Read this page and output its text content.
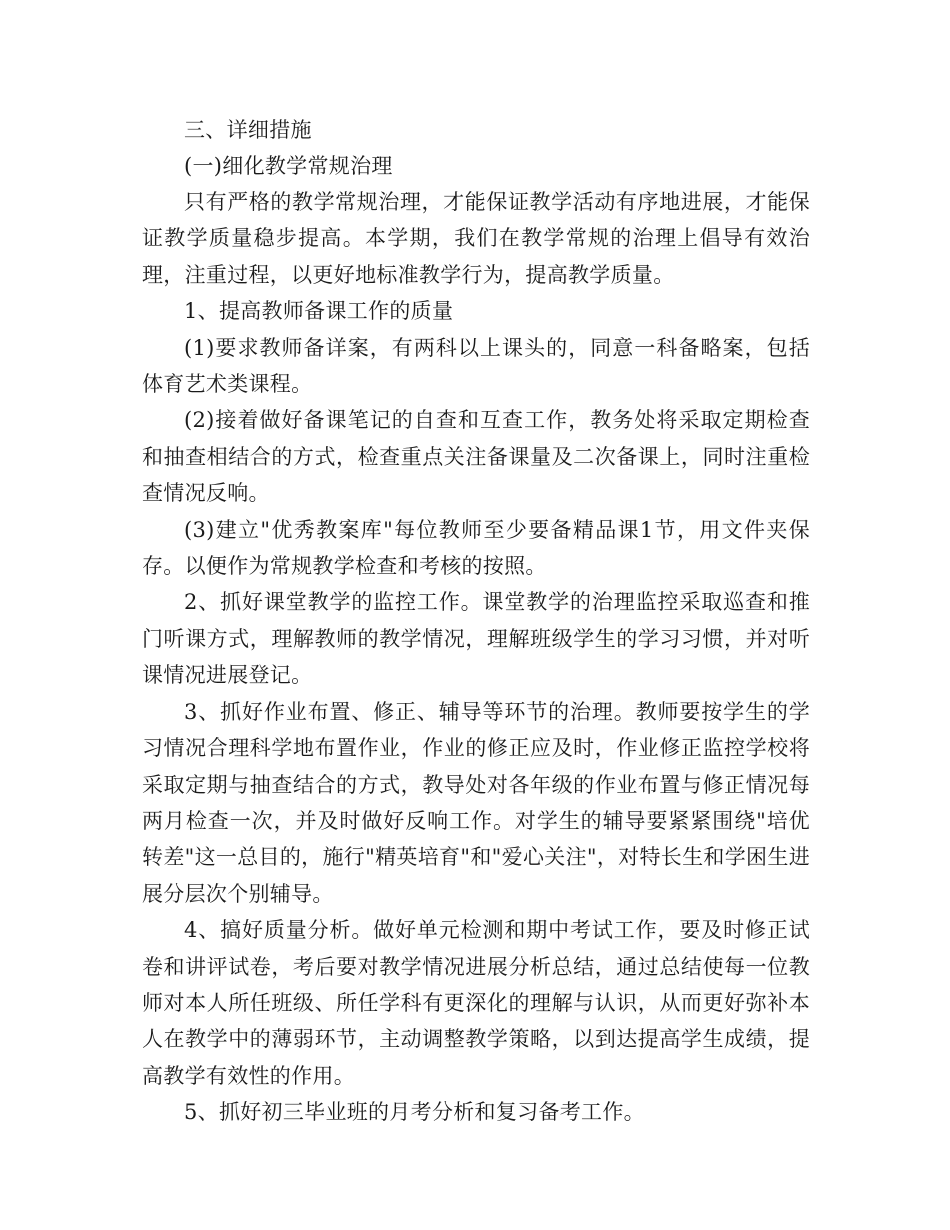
三、详细措施

(一)细化教学常规治理

只有严格的教学常规治理，才能保证教学活动有序地进展，才能保证教学质量稳步提高。本学期，我们在教学常规的治理上倡导有效治理，注重过程，以更好地标准教学行为，提高教学质量。

1、提高教师备课工作的质量

(1)要求教师备详案，有两科以上课头的，同意一科备略案，包括体育艺术类课程。

(2)接着做好备课笔记的自查和互查工作，教务处将采取定期检查和抽查相结合的方式，检查重点关注备课量及二次备课上，同时注重检查情况反响。

(3)建立"优秀教案库"每位教师至少要备精品课1节，用文件夹保存。以便作为常规教学检查和考核的按照。

2、抓好课堂教学的监控工作。课堂教学的治理监控采取巡查和推门听课方式，理解教师的教学情况，理解班级学生的学习习惯，并对听课情况进展登记。

3、抓好作业布置、修正、辅导等环节的治理。教师要按学生的学习情况合理科学地布置作业，作业的修正应及时，作业修正监控学校将采取定期与抽查结合的方式，教导处对各年级的作业布置与修正情况每两月检查一次，并及时做好反响工作。对学生的辅导要紧紧围绕"培优转差"这一总目的，施行"精英培育"和"爱心关注"，对特长生和学困生进展分层次个别辅导。

4、搞好质量分析。做好单元检测和期中考试工作，要及时修正试卷和讲评试卷，考后要对教学情况进展分析总结，通过总结使每一位教师对本人所任班级、所任学科有更深化的理解与认识，从而更好弥补本人在教学中的薄弱环节，主动调整教学策略，以到达提高学生成绩，提高教学有效性的作用。

5、抓好初三毕业班的月考分析和复习备考工作。
